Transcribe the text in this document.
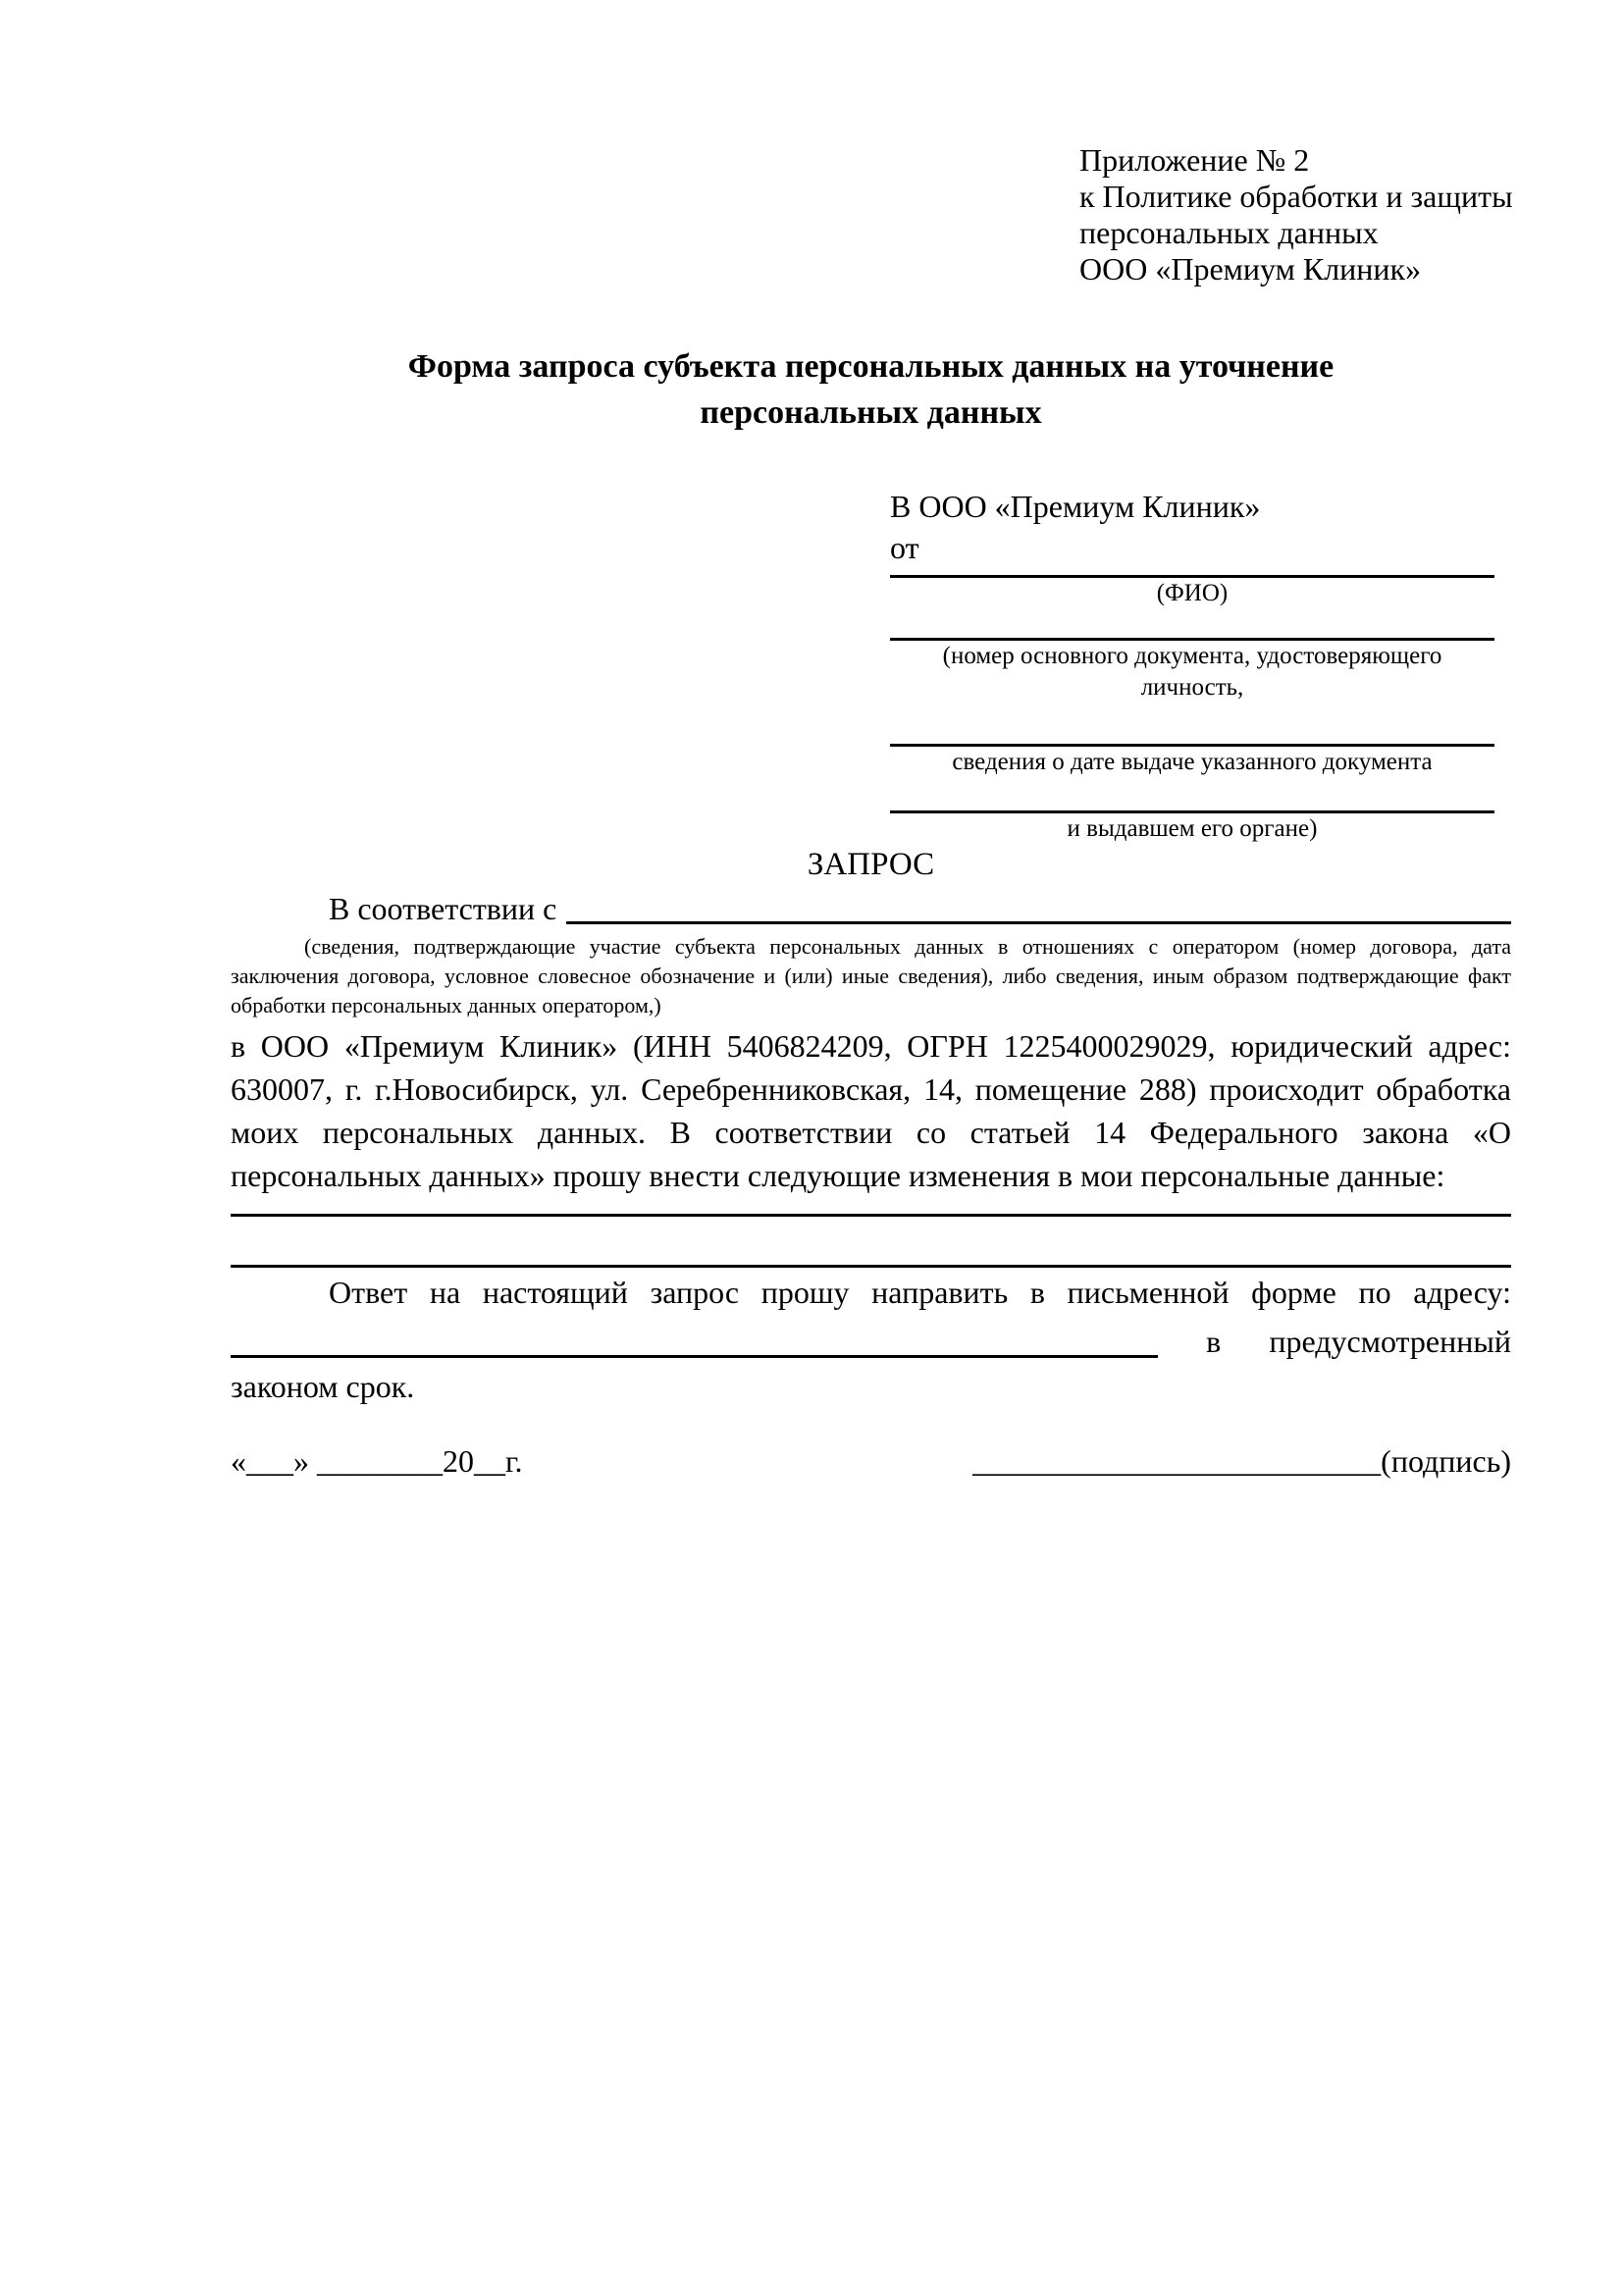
Приложение № 2
к Политике обработки и защиты
персональных данных
ООО «Премиум Клиник»
Форма запроса субъекта персональных данных на уточнение
персональных данных
В ООО «Премиум Клиник»
от
(ФИО)
(номер основного документа, удостоверяющего личность,
сведения о дате выдаче указанного документа
и выдавшем его органе)
ЗАПРОС
В соответствии с
(сведения, подтверждающие участие субъекта персональных данных в отношениях с оператором (номер договора, дата заключения договора, условное словесное обозначение и (или) иные сведения), либо сведения, иным образом подтверждающие факт обработки персональных данных оператором,)
в ООО «Премиум Клиник» (ИНН 5406824209, ОГРН 1225400029029, юридический адрес: 630007, г. г.Новосибирск, ул. Серебренниковская, 14, помещение 288) происходит обработка моих персональных данных. В соответствии со статьей 14 Федерального закона «О персональных данных» прошу внести следующие изменения в мои персональные данные:
Ответ на настоящий запрос прошу направить в письменной форме по адресу:
в предусмотренный
законом срок.
«___» ________20__г.	__________________________(подпись)
